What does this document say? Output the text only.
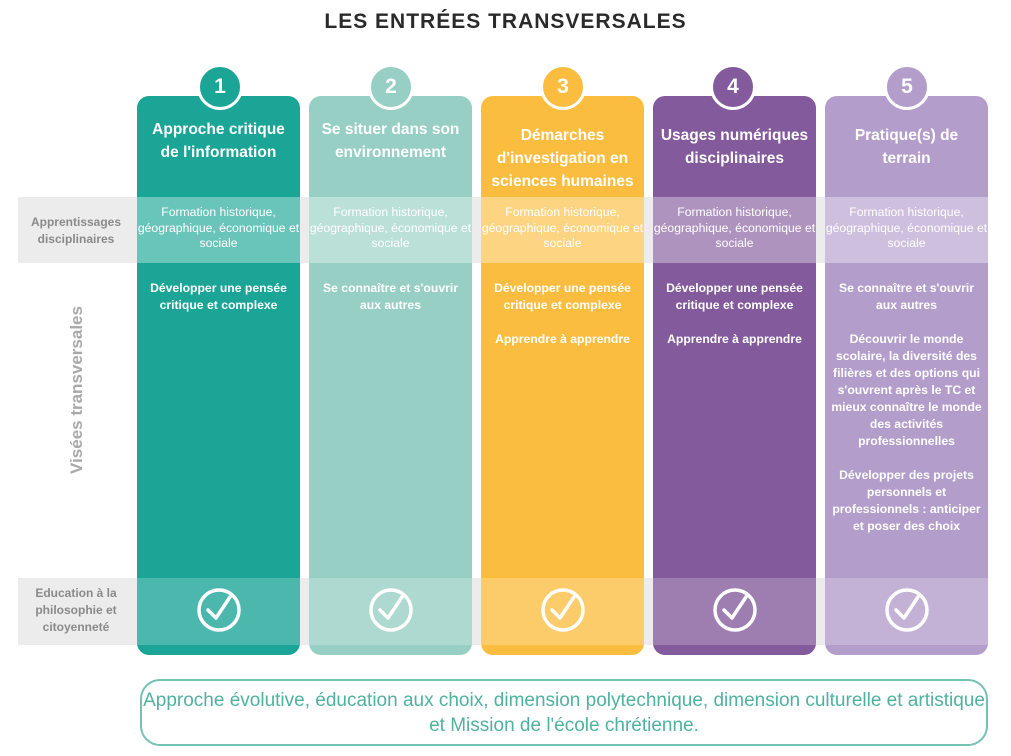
LES ENTRÉES TRANSVERSALES
Apprentissages disciplinaires
Education à la philosophie et citoyenneté
Visées transversales
Approche critique de l'information
Formation historique, géographique, économique et sociale

Développer une pensée critique et complexe

1
Se situer dans son environnement
Formation historique, géographique, économique et sociale

Se connaître et s'ouvrir aux autres

2
Démarches d'investigation en sciences humaines
Formation historique, géographique, économique et sociale

Développer une pensée critique et complexe

Apprendre à apprendre

3
Usages numériques disciplinaires
Formation historique, géographique, économique et sociale

Développer une pensée critique et complexe

Apprendre à apprendre

4
Pratique(s) de terrain
Formation historique, géographique, économique et sociale

Se connaître et s'ouvrir aux autres

Découvrir le monde scolaire, la diversité des filières et des options qui s'ouvrent après le TC et mieux connaître le monde des activités professionnelles

Développer des projets personnels et professionnels : anticiper et poser des choix

5
Approche évolutive, éducation aux choix, dimension polytechnique, dimension culturelle et artistique et Mission de l'école chrétienne.
